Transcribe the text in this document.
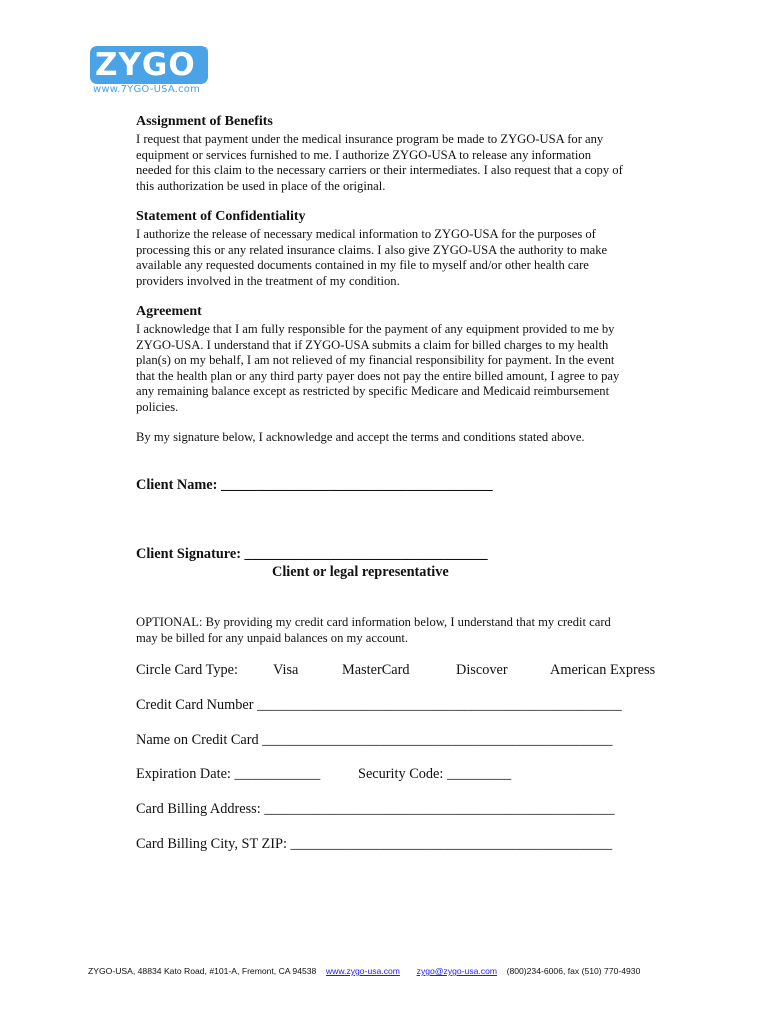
ZYGO ®
www.7YGO-USA.com
Assignment of Benefits
I request that payment under the medical insurance program be made to ZYGO-USA for any
equipment or services furnished to me. I authorize ZYGO-USA to release any information
needed for this claim to the necessary carriers or their intermediates. I also request that a copy of
this authorization be used in place of the original.
Statement of Confidentiality
I authorize the release of necessary medical information to ZYGO-USA for the purposes of
processing this or any related insurance claims. I also give ZYGO-USA the authority to make
available any requested documents contained in my file to myself and/or other health care
providers involved in the treatment of my condition.
Agreement
I acknowledge that I am fully responsible for the payment of any equipment provided to me by
ZYGO-USA. I understand that if ZYGO-USA submits a claim for billed charges to my health
plan(s) on my behalf, I am not relieved of my financial responsibility for payment. In the event
that the health plan or any third party payer does not pay the entire billed amount, I agree to pay
any remaining balance except as restricted by specific Medicare and Medicaid reimbursement
policies.
By my signature below, I acknowledge and accept the terms and conditions stated above.
Client Name: ______________________________________
Client Signature: __________________________________
Client or legal representative
OPTIONAL: By providing my credit card information below, I understand that my credit card
may be billed for any unpaid balances on my account.
Circle Card Type: Visa	MasterCard	Discover	American Express
Credit Card Number ___________________________________________________
Name on Credit Card _________________________________________________
Expiration Date: ____________	Security Code: _________
Card Billing Address: _________________________________________________
Card Billing City, ST ZIP: _____________________________________________
ZYGO-USA, 48834 Kato Road, #101-A, Fremont, CA 94538 www.zygo-usa.com zygo@zygo-usa.com (800)234-6006, fax (510) 770-4930
